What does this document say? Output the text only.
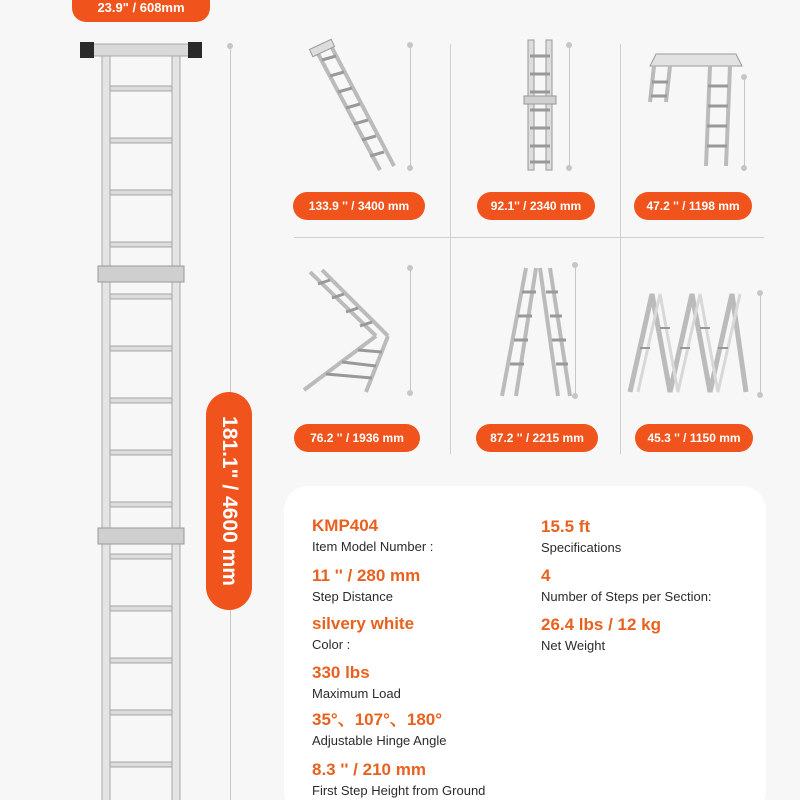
23.9" / 608mm
181.1" / 4600 mm
133.9 '' / 3400 mm	92.1'' / 2340 mm	47.2 '' / 1198 mm
76.2 '' / 1936 mm	87.2 '' / 2215 mm	45.3 '' / 1150 mm
KMP404
Item Model Number :
11 '' / 280 mm
Step Distance
silvery white
Color :
330 lbs
Maximum Load
35°、107°、180°
Adjustable Hinge Angle
8.3 '' / 210 mm
First Step Height from Ground
15.5 ft
Specifications
4
Number of Steps per Section:
26.4 lbs / 12 kg
Net Weight
